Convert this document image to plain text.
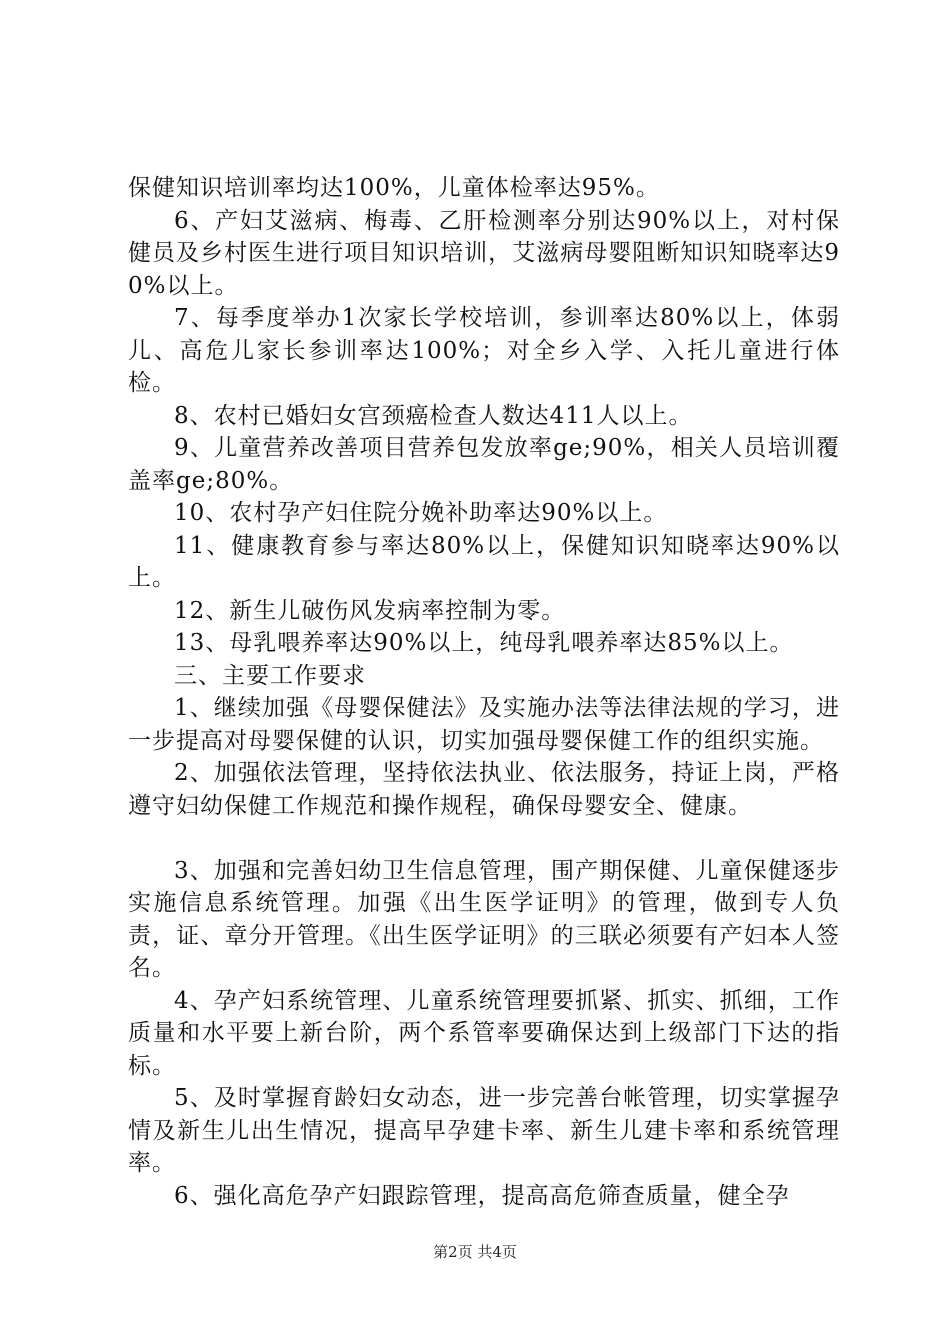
保健知识培训率均达100%，儿童体检率达95%。

6、产妇艾滋病、梅毒、乙肝检测率分别达90%以上，对村保健员及乡村医生进行项目知识培训，艾滋病母婴阻断知识知晓率达90%以上。

7、每季度举办1次家长学校培训，参训率达80%以上，体弱儿、高危儿家长参训率达100%；对全乡入学、入托儿童进行体检。

8、农村已婚妇女宫颈癌检查人数达411人以上。

9、儿童营养改善项目营养包发放率ge;90%，相关人员培训覆盖率ge;80%。

10、农村孕产妇住院分娩补助率达90%以上。

11、健康教育参与率达80%以上，保健知识知晓率达90%以上。

12、新生儿破伤风发病率控制为零。

13、母乳喂养率达90%以上，纯母乳喂养率达85%以上。

三、主要工作要求

1、继续加强《母婴保健法》及实施办法等法律法规的学习，进一步提高对母婴保健的认识，切实加强母婴保健工作的组织实施。

2、加强依法管理，坚持依法执业、依法服务，持证上岗，严格遵守妇幼保健工作规范和操作规程，确保母婴安全、健康。

3、加强和完善妇幼卫生信息管理，围产期保健、儿童保健逐步实施信息系统管理。加强《出生医学证明》的管理，做到专人负责，证、章分开管理。《出生医学证明》的三联必须要有产妇本人签名。

4、孕产妇系统管理、儿童系统管理要抓紧、抓实、抓细，工作质量和水平要上新台阶，两个系管率要确保达到上级部门下达的指标。

5、及时掌握育龄妇女动态，进一步完善台帐管理，切实掌握孕情及新生儿出生情况，提高早孕建卡率、新生儿建卡率和系统管理率。

6、强化高危孕产妇跟踪管理，提高高危筛查质量，健全孕

第2页 共4页
